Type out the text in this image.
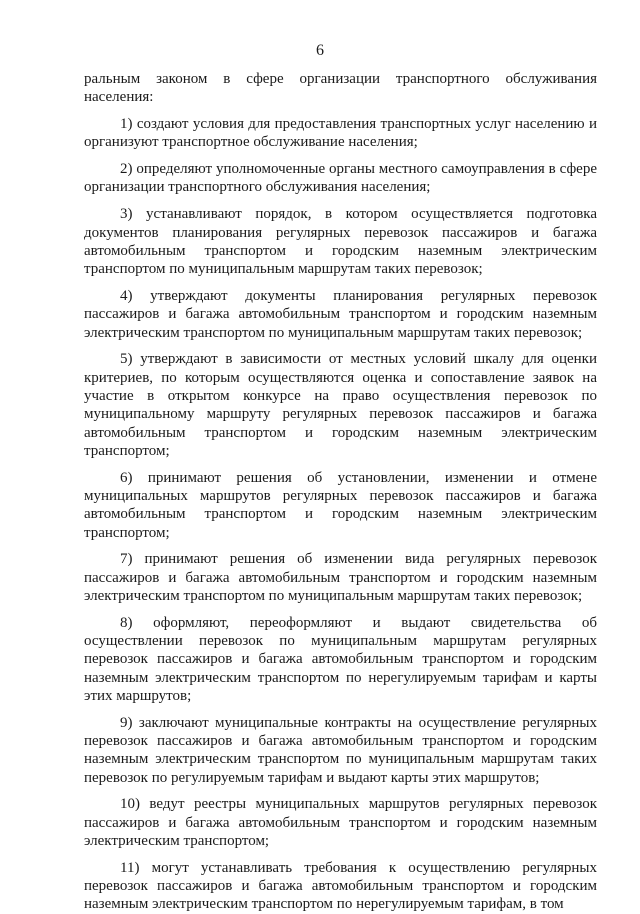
6

ральным законом в сфере организации транспортного обслуживания населения:

1) создают условия для предоставления транспортных услуг населению и организуют транспортное обслуживание населения;

2) определяют уполномоченные органы местного самоуправления в сфере организации транспортного обслуживания населения;

3) устанавливают порядок, в котором осуществляется подготовка документов планирования регулярных перевозок пассажиров и багажа автомобильным транспортом и городским наземным электрическим транспортом по муниципальным маршрутам таких перевозок;

4) утверждают документы планирования регулярных перевозок пассажиров и багажа автомобильным транспортом и городским наземным электрическим транспортом по муниципальным маршрутам таких перевозок;

5) утверждают в зависимости от местных условий шкалу для оценки критериев, по которым осуществляются оценка и сопоставление заявок на участие в открытом конкурсе на право осуществления перевозок по муниципальному маршруту регулярных перевозок пассажиров и багажа автомобильным транспортом и городским наземным электрическим транспортом;

6) принимают решения об установлении, изменении и отмене муниципальных маршрутов регулярных перевозок пассажиров и багажа автомобильным транспортом и городским наземным электрическим транспортом;

7) принимают решения об изменении вида регулярных перевозок пассажиров и багажа автомобильным транспортом и городским наземным электрическим транспортом по муниципальным маршрутам таких перевозок;

8) оформляют, переоформляют и выдают свидетельства об осуществлении перевозок по муниципальным маршрутам регулярных перевозок пассажиров и багажа автомобильным транспортом и городским наземным электрическим транспортом по нерегулируемым тарифам и карты этих маршрутов;

9) заключают муниципальные контракты на осуществление регулярных перевозок пассажиров и багажа автомобильным транспортом и городским наземным электрическим транспортом по муниципальным маршрутам таких перевозок по регулируемым тарифам и выдают карты этих маршрутов;

10) ведут реестры муниципальных маршрутов регулярных перевозок пассажиров и багажа автомобильным транспортом и городским наземным электрическим транспортом;

11) могут устанавливать требования к осуществлению регулярных перевозок пассажиров и багажа автомобильным транспортом и городским наземным электрическим транспортом по нерегулируемым тарифам, в том
